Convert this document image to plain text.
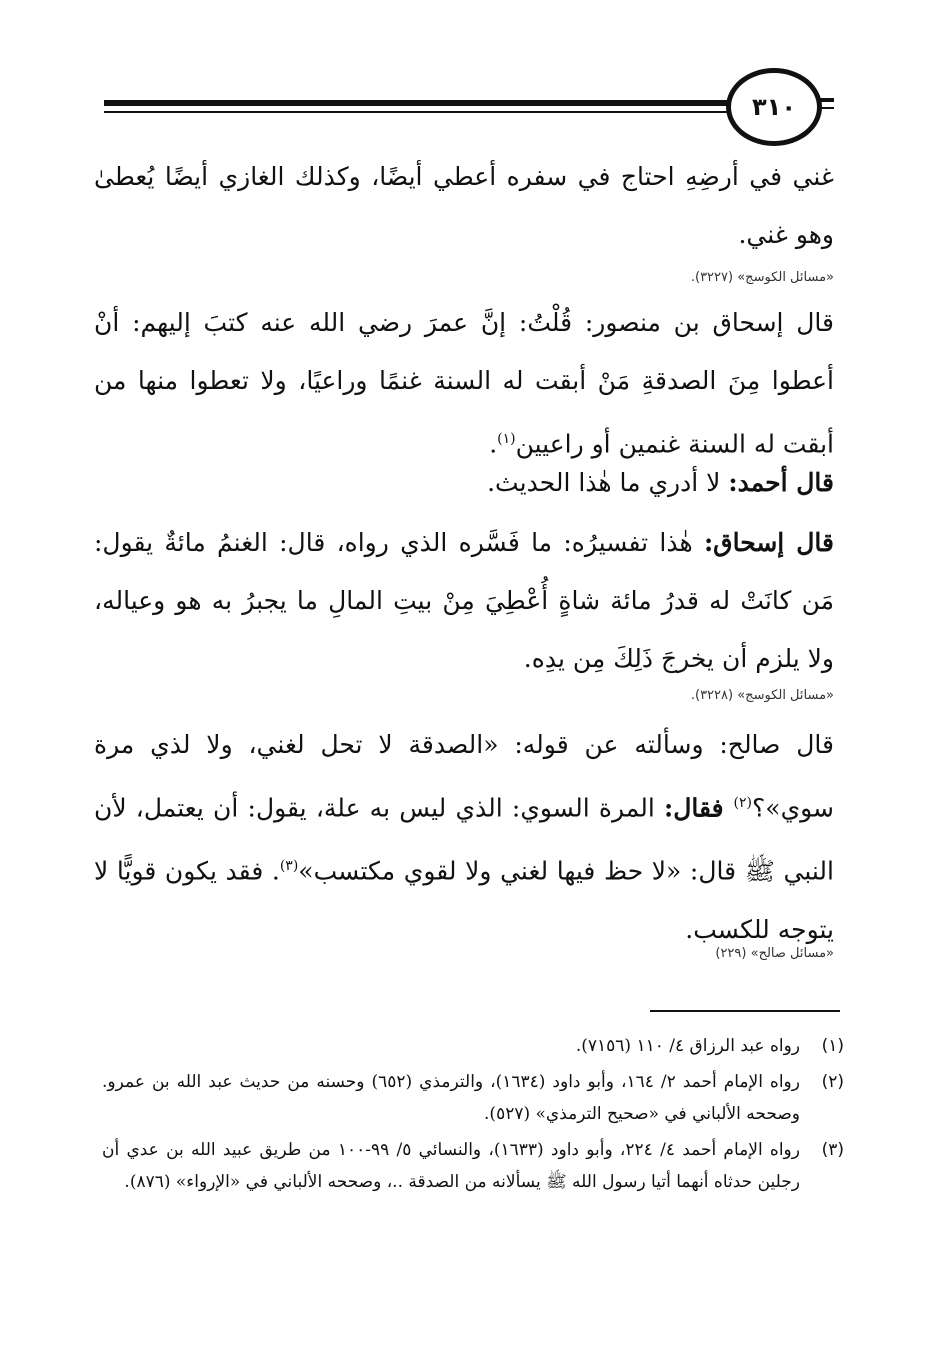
٣١٠

غني في أرضِهِ احتاج في سفره أعطي أيضًا، وكذلك الغازي أيضًا يُعطىٰ وهو غني.

«مسائل الكوسج» (٣٢٢٧).

قال إسحاق بن منصور: قُلْتُ: إنَّ عمرَ رضي الله عنه كتبَ إليهم: أنْ أعطوا مِنَ الصدقةِ مَنْ أبقت له السنة غنمًا وراعيًا، ولا تعطوا منها من أبقت له السنة غنمين أو راعيين$^{(١)}$.

قال أحمد: لا أدري ما هٰذا الحديث.

قال إسحاق: هٰذا تفسيرُه: ما فَسَّره الذي رواه، قال: الغنمُ مائةٌ يقول: مَن كانَتْ له قدرُ مائة شاةٍ أُعْطِيَ مِنْ بيتِ المالِ ما يجبرُ به هو وعياله، ولا يلزم أن يخرجَ ذَلِكَ مِن يدِه.

«مسائل الكوسج» (٣٢٢٨).

قال صالح: وسألته عن قوله: «الصدقة لا تحل لغني، ولا لذي مرة سوي»؟$^{(٢)}$ فقال: المرة السوي: الذي ليس به علة، يقول: أن يعتمل، لأن النبي ﷺ قال: «لا حظ فيها لغني ولا لقوي مكتسب»$^{(٣)}$. فقد يكون قويًّا لا يتوجه للكسب.

«مسائل صالح» (٢٢٩)

(١)
رواه عبد الرزاق ٤/ ١١٠ (٧١٥٦).
(٢)
رواه الإمام أحمد ٢/ ١٦٤، وأبو داود (١٦٣٤)، والترمذي (٦٥٢) وحسنه من حديث عبد الله بن عمرو. وصححه الألباني في «صحيح الترمذي» (٥٢٧).
(٣)
رواه الإمام أحمد ٤/ ٢٢٤، وأبو داود (١٦٣٣)، والنسائي ٥/ ٩٩-١٠٠ من طريق عبيد الله بن عدي أن رجلين حدثاه أنهما أتيا رسول الله ﷺ يسألانه من الصدقة ..، وصححه الألباني في «الإرواء» (٨٧٦).
